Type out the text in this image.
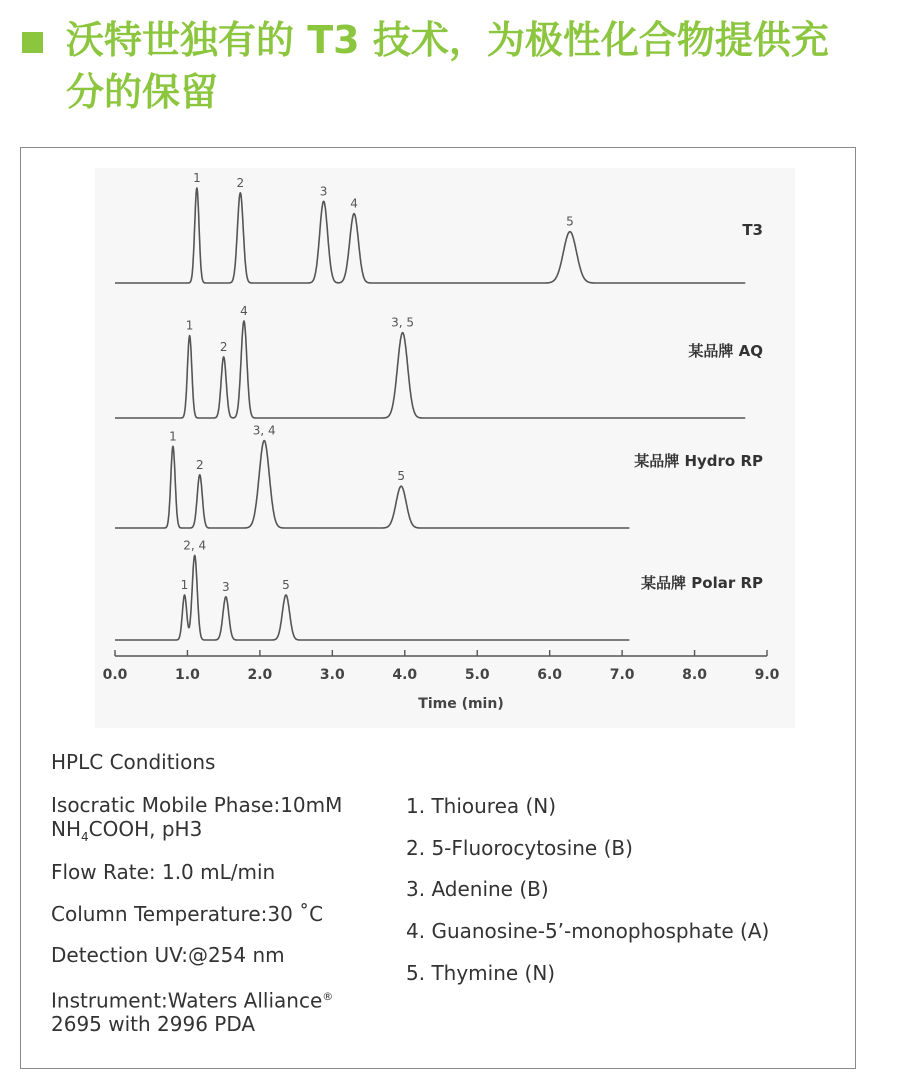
沃特世独有的 T3 技术，为极性化合物提供充分的保留
1	2
3
4
5	T3
1
2
4
3, 5
某品牌 AQ
1
2
3, 4
5
某品牌 Hydro RP
1
2, 4
3	5	某品牌 Polar RP
0.0	1.0	2.0	3.0	4.0	5.0	6.0	7.0	8.0	9.0
Time (min)
HPLC Conditions
Isocratic Mobile Phase:10mM
$NH_4COOH$, pH3
Flow Rate: 1.0 mL/min
Column Temperature:30 ˚C
Detection UV:@254 nm
Instrument:Waters Alliance®
2695 with 2996 PDA
1. Thiourea (N)
2. 5-Fluorocytosine (B)
3. Adenine (B)
4. Guanosine-5’-monophosphate (A)
5. Thymine (N)
